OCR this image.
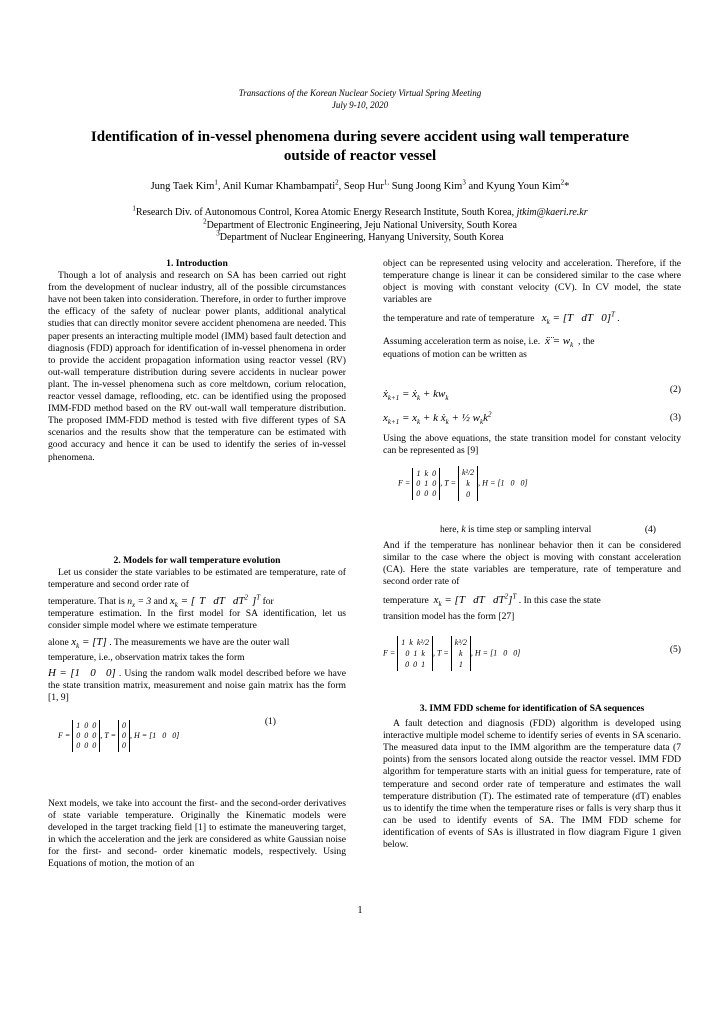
Transactions of the Korean Nuclear Society Virtual Spring Meeting
July 9-10, 2020
Identification of in-vessel phenomena during severe accident using wall temperature
outside of reactor vessel
Jung Taek Kim$^1$, Anil Kumar Khambampati$^2$, Seop Hur$^{1,}$ Sung Joong Kim$^3$ and Kyung Youn Kim$^2$*
$^1$Research Div. of Autonomous Control, Korea Atomic Energy Research Institute, South Korea, jtkim@kaeri.re.kr
$^2$Department of Electronic Engineering, Jeju National University, South Korea
$^3$Department of Nuclear Engineering, Hanyang University, South Korea

1. Introduction

Though a lot of analysis and research on SA has been carried out right from the development of nuclear industry, all of the possible circumstances have not been taken into consideration. Therefore, in order to further improve the efficacy of the safety of nuclear power plants, additional analytical studies that can directly monitor severe accident phenomena are needed. This paper presents an interacting multiple model (IMM) based fault detection and diagnosis (FDD) approach for identification of in-vessel phenomena in order to provide the accident propagation information using reactor vessel (RV) out-wall temperature distribution during severe accidents in nuclear power plant. The in-vessel phenomena such as core meltdown, corium relocation, reactor vessel damage, reflooding, etc. can be identified using the proposed IMM-FDD method based on the RV out-wall wall temperature distribution. The proposed IMM-FDD method is tested with five different types of SA scenarios and the results show that the temperature can be estimated with good accuracy and hence it can be used to identify the series of in-vessel phenomena.

2. Models for wall temperature evolution

Let us consider the state variables to be estimated are temperature, rate of temperature and second order rate of

temperature. That is $n_x = 3$ and $x_k$ = [ T dT $dT^2$ ]$^T$ for

temperature estimation. In the first model for SA identification, let us consider simple model where we estimate temperature

alone $x_k = [T]$ . The measurements we have are the outer wall

temperature, i.e., observation matrix takes the form

H = [1   0   0] . Using the random walk model described before we have the state transition matrix, measurement and noise gain matrix has the form [1, 9]

F = 1  0  0
0  0  0
0  0  0, T = 0
0
0, H = [1   0   0]
(1)

Next models, we take into account the first- and the second-order derivatives of state variable temperature. Originally the Kinematic models were developed in the target tracking field [1] to estimate the maneuvering target, in which the acceleration and the jerk are considered as white Gaussian noise for the first- and second- order kinematic models, respectively. Using Equations of motion, the motion of an

object can be represented using velocity and acceleration. Therefore, if the temperature change is linear it can be considered similar to the case where object is moving with constant velocity (CV). In CV model, the state variables are

the temperature and rate of temperature $x_k = [T$   dT   0]$^T$ .

Assuming acceleration term as noise, i.e. ẍ̈ = $w_k$ , the

equations of motion can be written as

$ẋ_{k+1}$ = $ẋ_k + kw_k$
(2)
$x_{k+1} = x_k + k$ $ẋ_k$ + ½ $w_kk^2$	(3)

Using the above equations, the state transition model for constant velocity can be represented as [9]

F = 1  k  0
0  1  0
0  0  0, T = k²/2
k
0, H = [1   0   0]
here, k is time step or sampling interval	(4)

And if the temperature has nonlinear behavior then it can be considered similar to the case where the object is moving with constant acceleration (CA). Here the state variables are temperature, rate of temperature and second order rate of

temperature $x_k = [T$   dT   $dT^2]^T$ . In this case the state

transition model has the form [27]

F = 1  k  k²/2
0  1  k
0  0  1, T = k³/2
k
1, H = [1   0   0]	(5)

3. IMM FDD scheme for identification of SA sequences

A fault detection and diagnosis (FDD) algorithm is developed using interactive multiple model scheme to identify series of events in SA scenario. The measured data input to the IMM algorithm are the temperature data (7 points) from the sensors located along outside the reactor vessel. IMM FDD algorithm for temperature starts with an initial guess for temperature, rate of temperature and second order rate of temperature and estimates the wall temperature distribution (T). The estimated rate of temperature (dT) enables us to identify the time when the temperature rises or falls is very sharp thus it can be used to identify events of SA. The IMM FDD scheme for identification of events of SAs is illustrated in flow diagram Figure 1 given below.

1
